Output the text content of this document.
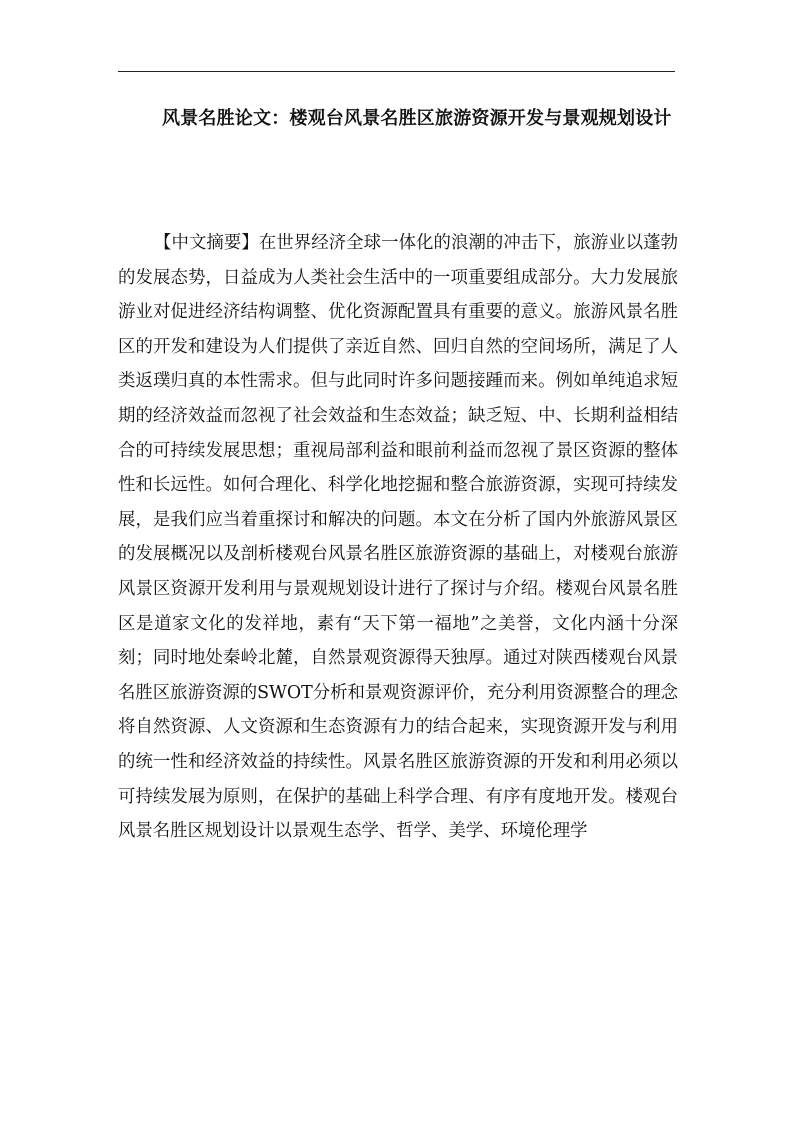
风景名胜论文：楼观台风景名胜区旅游资源开发与景观规划设计

【中文摘要】在世界经济全球一体化的浪潮的冲击下，旅游业以蓬勃的发展态势，日益成为人类社会生活中的一项重要组成部分。大力发展旅游业对促进经济结构调整、优化资源配置具有重要的意义。旅游风景名胜区的开发和建设为人们提供了亲近自然、回归自然的空间场所，满足了人类返璞归真的本性需求。但与此同时许多问题接踵而来。例如单纯追求短期的经济效益而忽视了社会效益和生态效益；缺乏短、中、长期利益相结合的可持续发展思想；重视局部利益和眼前利益而忽视了景区资源的整体性和长远性。如何合理化、科学化地挖掘和整合旅游资源，实现可持续发展，是我们应当着重探讨和解决的问题。本文在分析了国内外旅游风景区的发展概况以及剖析楼观台风景名胜区旅游资源的基础上，对楼观台旅游风景区资源开发利用与景观规划设计进行了探讨与介绍。楼观台风景名胜区是道家文化的发祥地，素有“天下第一福地”之美誉，文化内涵十分深刻；同时地处秦岭北麓，自然景观资源得天独厚。通过对陕西楼观台风景名胜区旅游资源的SWOT分析和景观资源评价，充分利用资源整合的理念将自然资源、人文资源和生态资源有力的结合起来，实现资源开发与利用的统一性和经济效益的持续性。风景名胜区旅游资源的开发和利用必须以可持续发展为原则，在保护的基础上科学合理、有序有度地开发。楼观台风景名胜区规划设计以景观生态学、哲学、美学、环境伦理学
